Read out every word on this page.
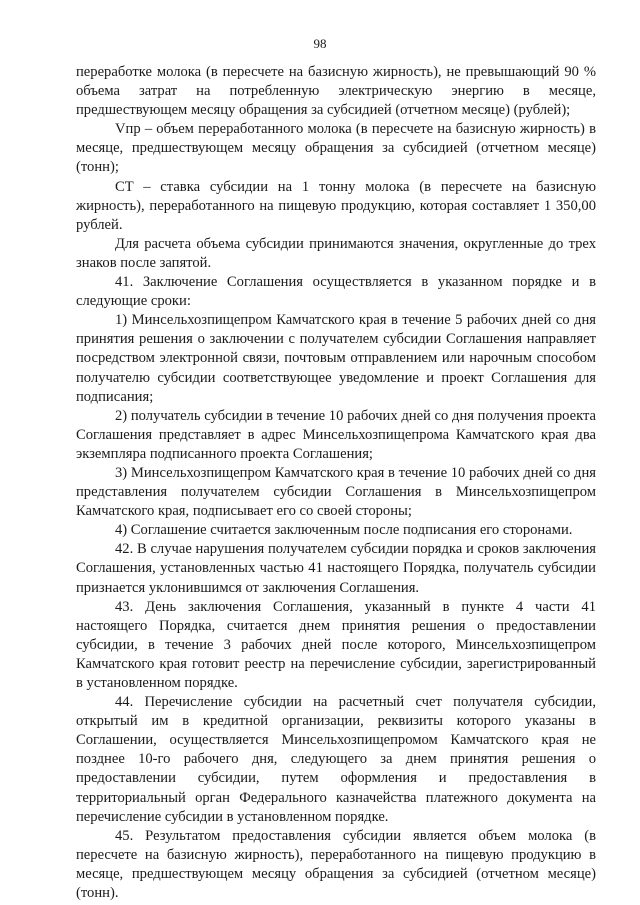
98

переработке молока (в пересчете на базисную жирность), не превышающий 90 % объема затрат на потребленную электрическую энергию в месяце, предшествующем месяцу обращения за субсидией (отчетном месяце) (рублей);

Vпр – объем переработанного молока (в пересчете на базисную жирность) в месяце, предшествующем месяцу обращения за субсидией (отчетном месяце) (тонн);

CT – ставка субсидии на 1 тонну молока (в пересчете на базисную жирность), переработанного на пищевую продукцию, которая составляет 1 350,00 рублей.

Для расчета объема субсидии принимаются значения, округленные до трех знаков после запятой.

41. Заключение Соглашения осуществляется в указанном порядке и в следующие сроки:

1) Минсельхозпищепром Камчатского края в течение 5 рабочих дней со дня принятия решения о заключении с получателем субсидии Соглашения направляет посредством электронной связи, почтовым отправлением или нарочным способом получателю субсидии соответствующее уведомление и проект Соглашения для подписания;

2) получатель субсидии в течение 10 рабочих дней со дня получения проекта Соглашения представляет в адрес Минсельхозпищепрома Камчатского края два экземпляра подписанного проекта Соглашения;

3) Минсельхозпищепром Камчатского края в течение 10 рабочих дней со дня представления получателем субсидии Соглашения в Минсельхозпищепром Камчатского края, подписывает его со своей стороны;

4) Соглашение считается заключенным после подписания его сторонами.

42. В случае нарушения получателем субсидии порядка и сроков заключения Соглашения, установленных частью 41 настоящего Порядка, получатель субсидии признается уклонившимся от заключения Соглашения.

43. День заключения Соглашения, указанный в пункте 4 части 41 настоящего Порядка, считается днем принятия решения о предоставлении субсидии, в течение 3 рабочих дней после которого, Минсельхозпищепром Камчатского края готовит реестр на перечисление субсидии, зарегистрированный в установленном порядке.

44. Перечисление субсидии на расчетный счет получателя субсидии, открытый им в кредитной организации, реквизиты которого указаны в Соглашении, осуществляется Минсельхозпищепромом Камчатского края не позднее 10-го рабочего дня, следующего за днем принятия решения о предоставлении субсидии, путем оформления и предоставления в территориальный орган Федерального казначейства платежного документа на перечисление субсидии в установленном порядке.

45. Результатом предоставления субсидии является объем молока (в пересчете на базисную жирность), переработанного на пищевую продукцию в месяце, предшествующем месяцу обращения за субсидией (отчетном месяце) (тонн).
